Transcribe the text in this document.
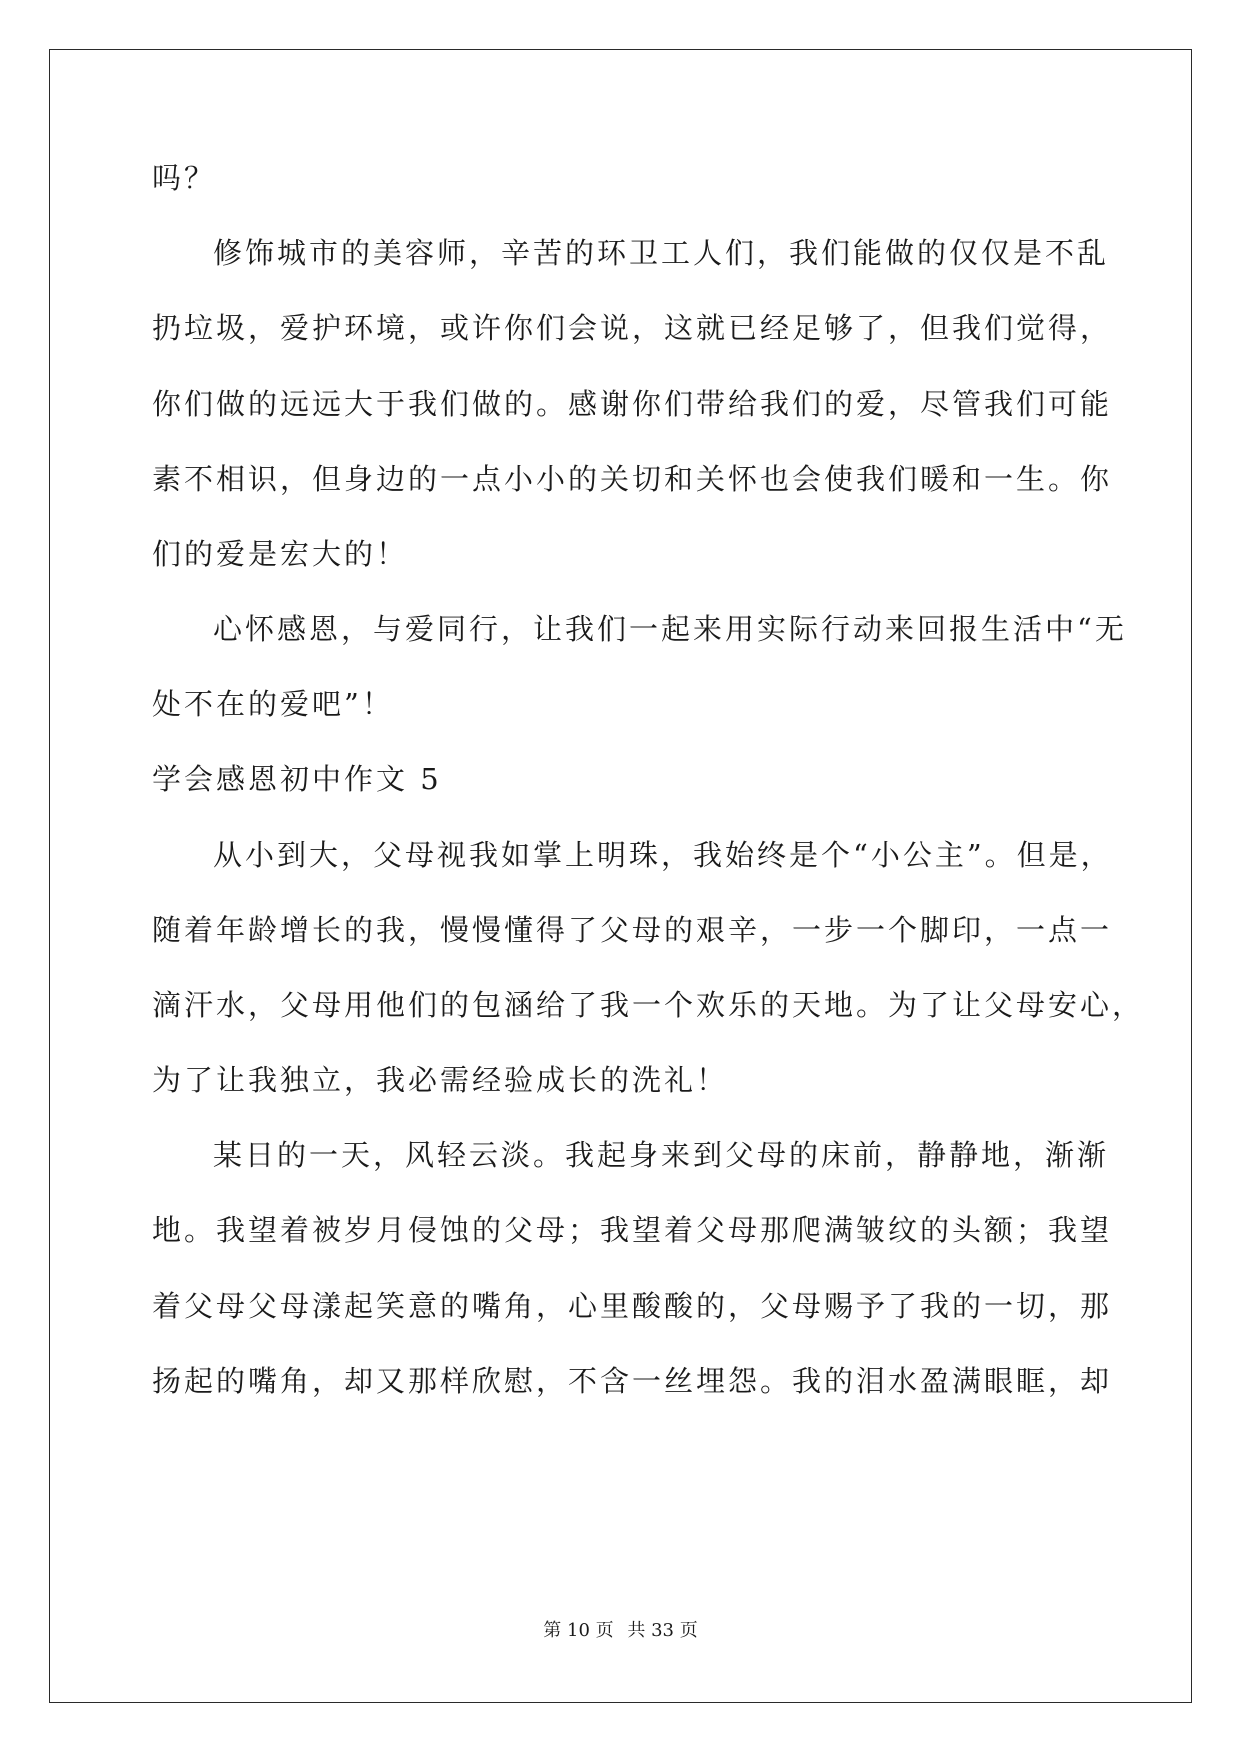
吗？
修饰城市的美容师，辛苦的环卫工人们，我们能做的仅仅是不乱
扔垃圾，爱护环境，或许你们会说，这就已经足够了，但我们觉得，
你们做的远远大于我们做的。感谢你们带给我们的爱，尽管我们可能
素不相识，但身边的一点小小的关切和关怀也会使我们暖和一生。你
们的爱是宏大的！
心怀感恩，与爱同行，让我们一起来用实际行动来回报生活中“无
处不在的爱吧”！
学会感恩初中作文 5
从小到大，父母视我如掌上明珠，我始终是个“小公主”。但是，
随着年龄增长的我，慢慢懂得了父母的艰辛，一步一个脚印，一点一
滴汗水，父母用他们的包涵给了我一个欢乐的天地。为了让父母安心，
为了让我独立，我必需经验成长的洗礼！
某日的一天，风轻云淡。我起身来到父母的床前，静静地，渐渐
地。我望着被岁月侵蚀的父母；我望着父母那爬满皱纹的头额；我望
着父母父母漾起笑意的嘴角，心里酸酸的，父母赐予了我的一切，那
扬起的嘴角，却又那样欣慰，不含一丝埋怨。我的泪水盈满眼眶，却
第 10 页 共 33 页
